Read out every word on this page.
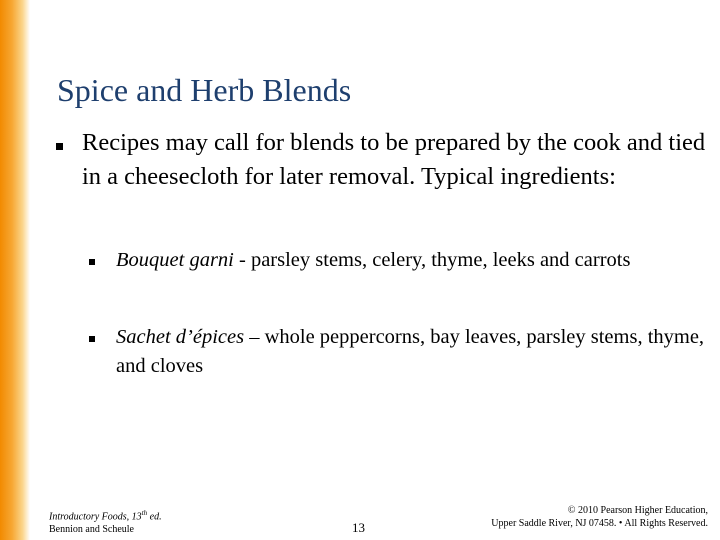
Spice and Herb Blends

Recipes may call for blends to be prepared by the cook and tied in a cheesecloth for later removal. Typical ingredients:

Bouquet garni - parsley stems, celery, thyme, leeks and carrots

Sachet d’épices – whole peppercorns, bay leaves, parsley stems, thyme, and cloves

Introductory Foods, 13th ed.
Bennion and Scheule	13
© 2010 Pearson Higher Education,
Upper Saddle River, NJ 07458. • All Rights Reserved.
